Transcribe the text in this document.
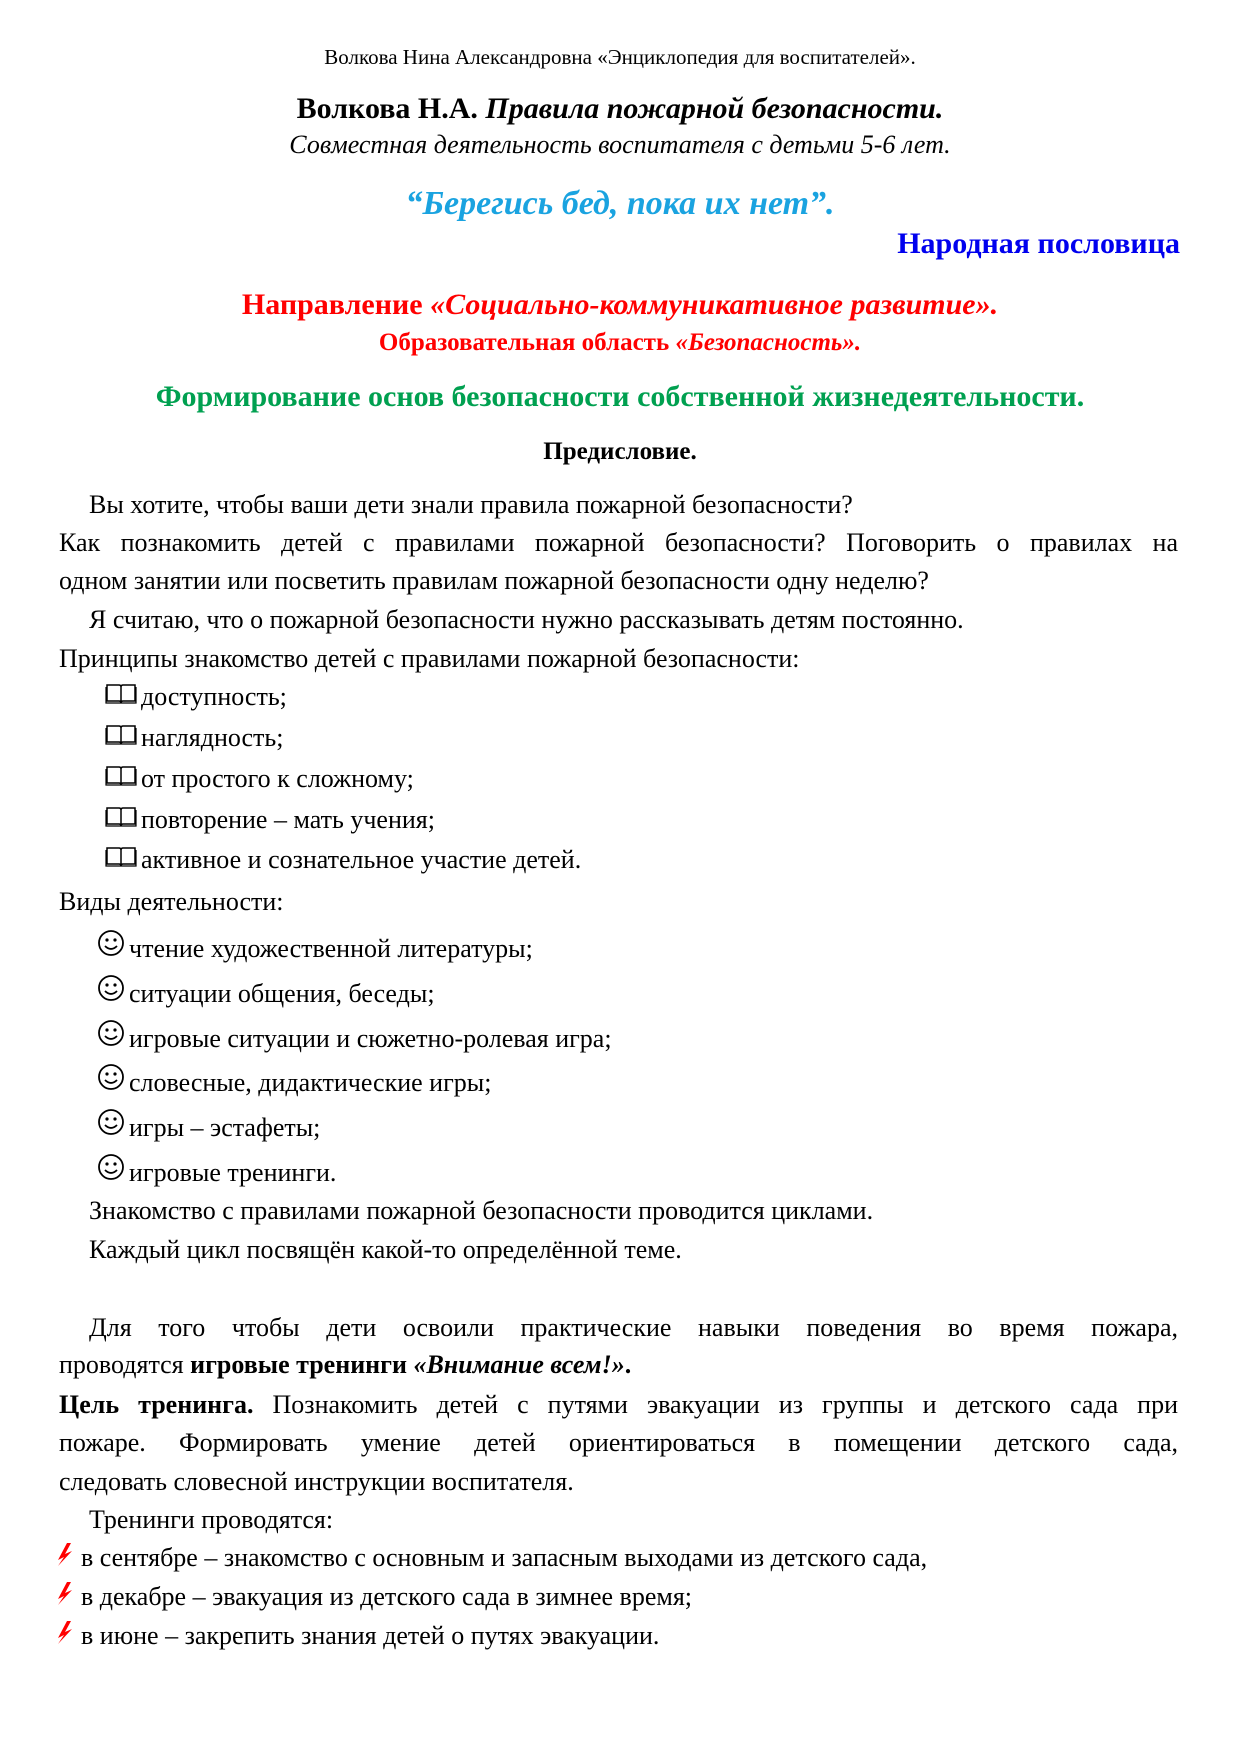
Волкова Нина Александровна «Энциклопедия для воспитателей».
Волкова Н.А. Правила пожарной безопасности.
Совместная деятельность воспитателя с детьми 5-6 лет.
“Берегись бед, пока их нет”.
Народная пословица
Направление «Социально-коммуникативное развитие».
Образовательная область «Безопасность».
Формирование основ безопасности собственной жизнедеятельности.
Предисловие.
Вы хотите, чтобы ваши дети знали правила пожарной безопасности?
Как познакомить детей с правилами пожарной безопасности? Поговорить о правилах на
одном занятии или посветить правилам пожарной безопасности одну неделю?
Я считаю, что о пожарной безопасности нужно рассказывать детям постоянно.
Принципы знакомство детей с правилами пожарной безопасности:
Виды деятельности:
Знакомство с правилами пожарной безопасности проводится циклами.
Каждый цикл посвящён какой-то определённой теме.
Для того чтобы дети освоили практические навыки поведения во время пожара,
проводятся игровые тренинги «Внимание всем!».
Цель тренинга. Познакомить детей с путями эвакуации из группы и детского сада при
пожаре. Формировать умение детей ориентироваться в помещении детского сада,
следовать словесной инструкции воспитателя.
Тренинги проводятся:
доступность;
наглядность;
от простого к сложному;
повторение – мать учения;
активное и сознательное участие детей.
чтение художественной литературы;
ситуации общения, беседы;
игровые ситуации и сюжетно-ролевая игра;
словесные, дидактические игры;
игры – эстафеты;
игровые тренинги.
в сентябре – знакомство с основным и запасным выходами из детского сада,
в декабре – эвакуация из детского сада в зимнее время;
в июне – закрепить знания детей о путях эвакуации.
